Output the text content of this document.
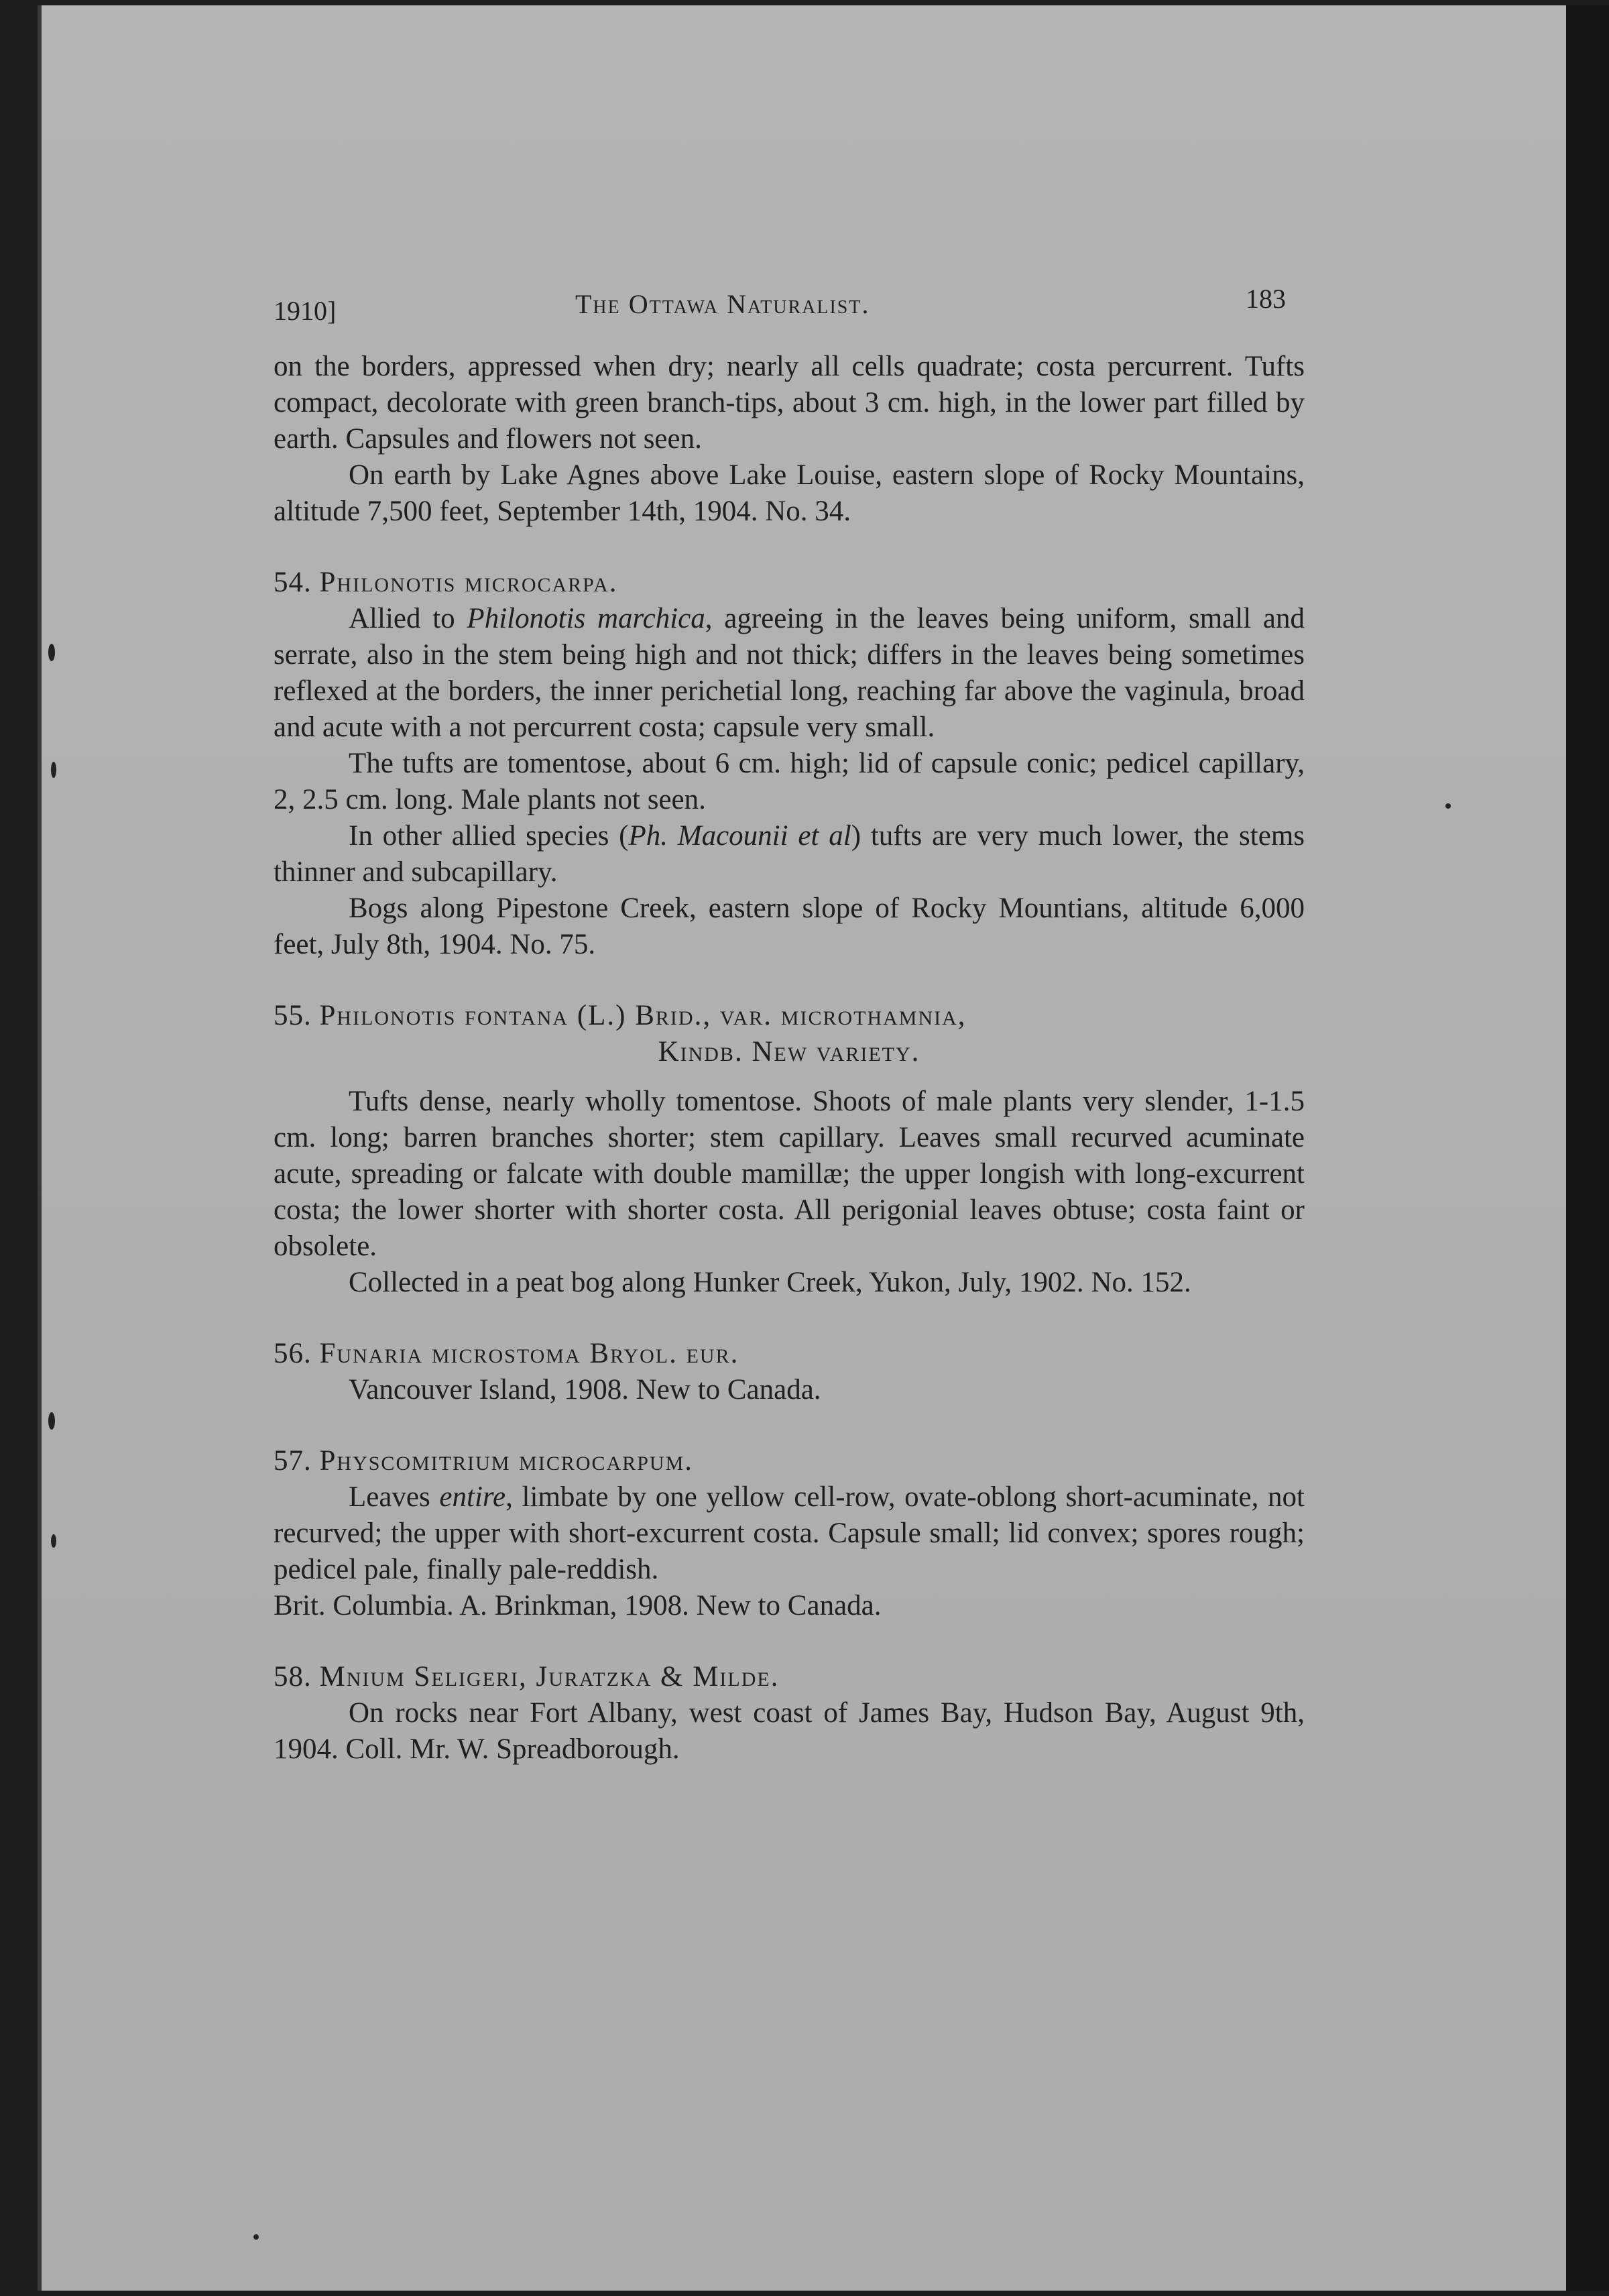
1910]	The Ottawa Naturalist.	183

on the borders, appressed when dry; nearly all cells quadrate; costa percurrent. Tufts compact, decolorate with green branch-tips, about 3 cm. high, in the lower part filled by earth. Capsules and flowers not seen.

On earth by Lake Agnes above Lake Louise, eastern slope of Rocky Mountains, altitude 7,500 feet, September 14th, 1904. No. 34.

54. Philonotis microcarpa.

Allied to Philonotis marchica, agreeing in the leaves being uniform, small and serrate, also in the stem being high and not thick; differs in the leaves being sometimes reflexed at the borders, the inner perichetial long, reaching far above the vaginula, broad and acute with a not percurrent costa; capsule very small.

The tufts are tomentose, about 6 cm. high; lid of capsule conic; pedicel capillary, 2, 2.5 cm. long. Male plants not seen.

In other allied species (Ph. Macounii et al) tufts are very much lower, the stems thinner and subcapillary.

Bogs along Pipestone Creek, eastern slope of Rocky Mountians, altitude 6,000 feet, July 8th, 1904. No. 75.

55. Philonotis fontana (L.) Brid., var. microthamnia,

Kindb. New variety.

Tufts dense, nearly wholly tomentose. Shoots of male plants very slender, 1-1.5 cm. long; barren branches shorter; stem capillary. Leaves small recurved acuminate acute, spreading or falcate with double mamillæ; the upper longish with long-excurrent costa; the lower shorter with shorter costa. All perigonial leaves obtuse; costa faint or obsolete.

Collected in a peat bog along Hunker Creek, Yukon, July, 1902. No. 152.

56. Funaria microstoma Bryol. eur.

Vancouver Island, 1908. New to Canada.

57. Physcomitrium microcarpum.

Leaves entire, limbate by one yellow cell-row, ovate-oblong short-acuminate, not recurved; the upper with short-excurrent costa. Capsule small; lid convex; spores rough; pedicel pale, finally pale-reddish.

Brit. Columbia. A. Brinkman, 1908. New to Canada.

58. Mnium Seligeri, Juratzka & Milde.

On rocks near Fort Albany, west coast of James Bay, Hudson Bay, August 9th, 1904. Coll. Mr. W. Spreadborough.
